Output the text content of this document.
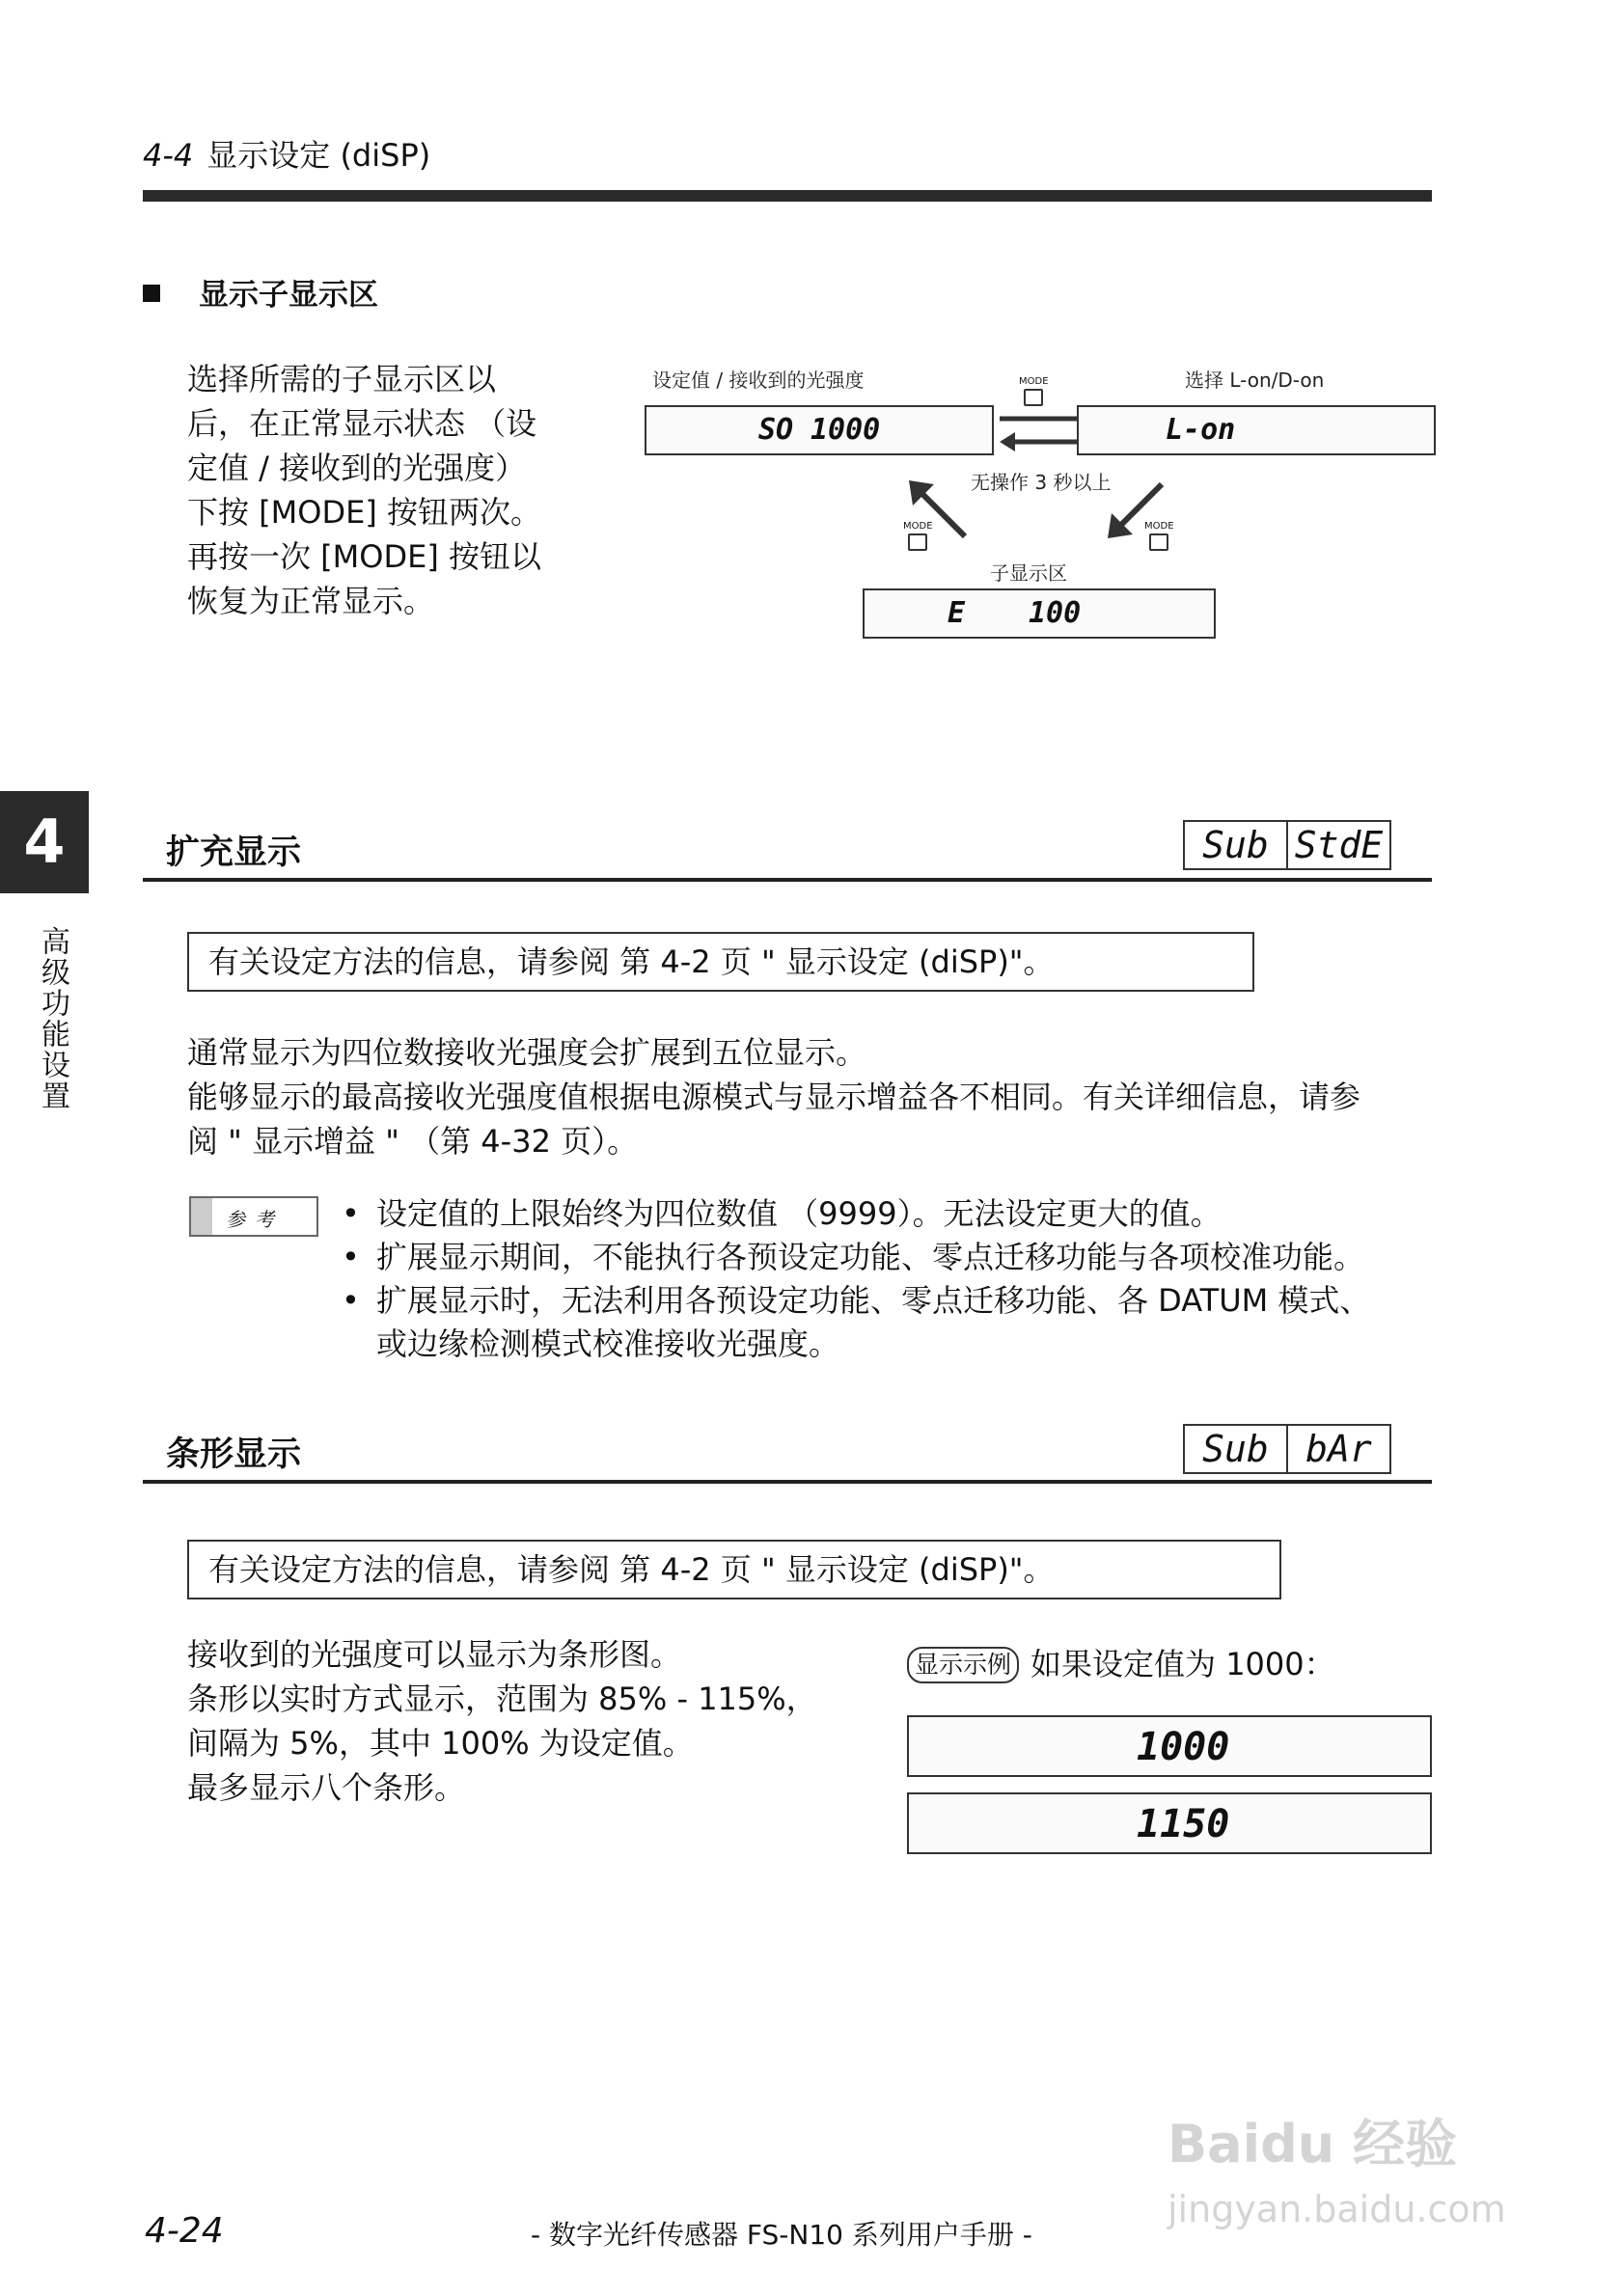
4-4 显示设定 (diSP)
显示子显示区
选择所需的子显示区以
后，在正常显示状态 （设
定值 / 接收到的光强度）
下按 [MODE] 按钮两次。
再按一次 [MODE] 按钮以
恢复为正常显示。
设定值 / 接收到的光强度	选择 L-on/D-on
SO 1000
MODE
L-on
无操作 3 秒以上
MODE	MODE
子显示区
E 100
4
高级功能设置
扩充显示	Sub StdE
有关设定方法的信息，请参阅 第 4-2 页 " 显示设定 (diSP)"。
通常显示为四位数接收光强度会扩展到五位显示。
能够显示的最高接收光强度值根据电源模式与显示增益各不相同。有关详细信息，请参
阅 " 显示增益 " （第 4-32 页）。
参考
•	设定值的上限始终为四位数值 （9999）。无法设定更大的值。
• 扩展显示期间，不能执行各预设定功能、零点迁移功能与各项校准功能。
• 扩展显示时，无法利用各预设定功能、零点迁移功能、各 DATUM 模式、
或边缘检测模式校准接收光强度。
条形显示	Sub	bAr
有关设定方法的信息，请参阅 第 4-2 页 " 显示设定 (diSP)"。
接收到的光强度可以显示为条形图。
条形以实时方式显示，范围为 85% - 115%，
间隔为 5%，其中 100% 为设定值。
最多显示八个条形。
显示示例 如果设定值为 1000：
1000
1150
4-24	- 数字光纤传感器 FS-N10 系列用户手册 -
Baidu 经验
jingyan.baidu.com
